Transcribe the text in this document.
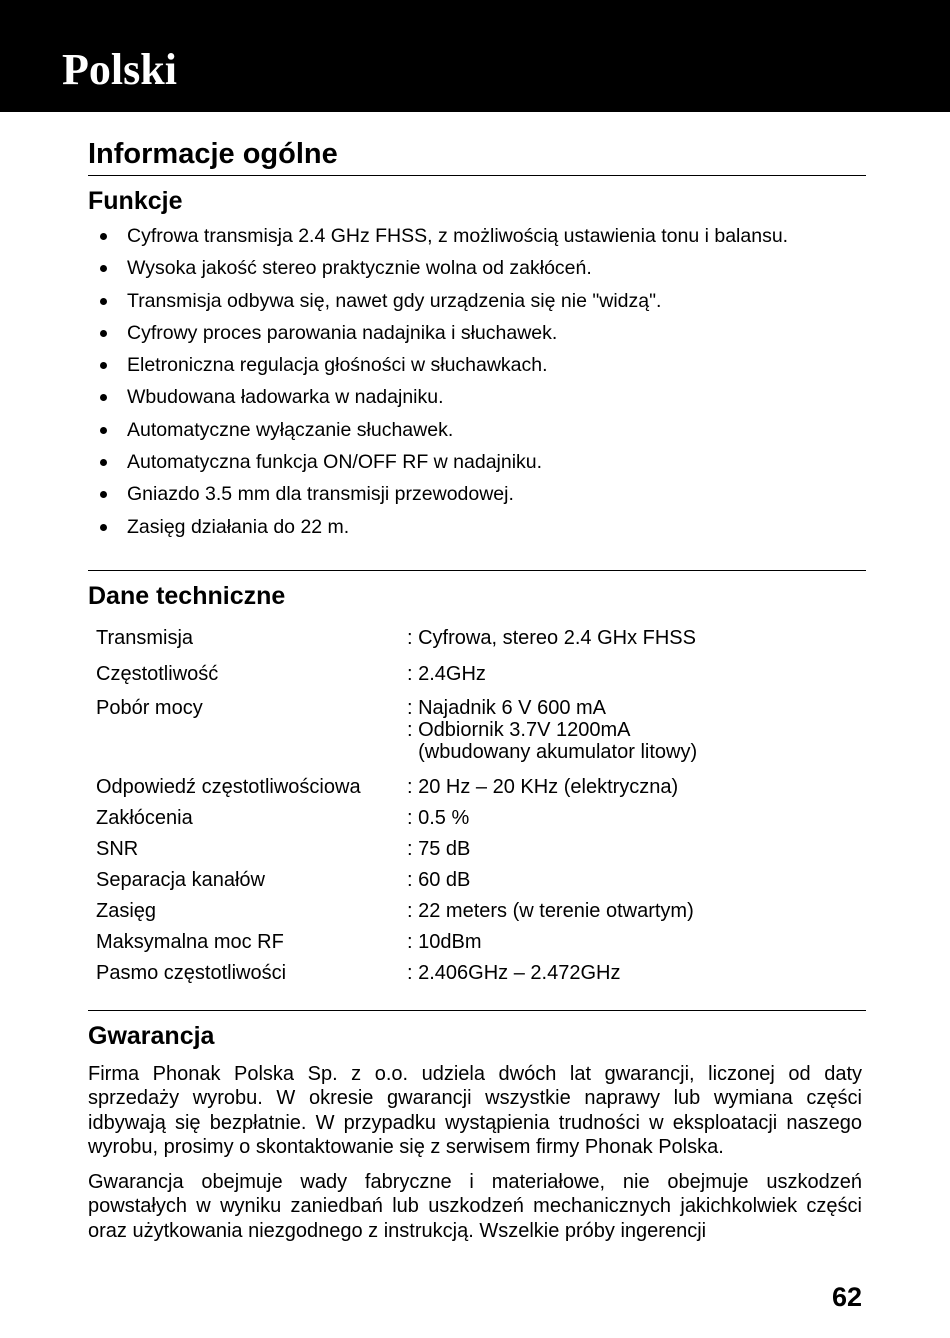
Polski
Informacje ogólne
Funkcje
Cyfrowa transmisja 2.4 GHz FHSS, z możliwością ustawienia tonu i balansu.
Wysoka jakość stereo praktycznie wolna od zakłóceń.
Transmisja odbywa się, nawet gdy urządzenia się nie "widzą".
Cyfrowy proces parowania nadajnika i słuchawek.
Eletroniczna regulacja głośności w słuchawkach.
Wbudowana ładowarka w nadajniku.
Automatyczne wyłączanie słuchawek.
Automatyczna funkcja ON/OFF RF w nadajniku.
Gniazdo 3.5 mm dla transmisji przewodowej.
Zasięg działania do 22 m.
Dane techniczne
Transmisja	: Cyfrowa, stereo 2.4 GHx FHSS
Częstotliwość	: 2.4GHz
Pobór mocy	: Najadnik 6 V 600 mA
: Odbiornik 3.7V 1200mA
(wbudowany akumulator litowy)
Odpowiedź częstotliwościowa : 20 Hz – 20 KHz (elektryczna)
Zakłócenia	: 0.5 %
SNR	: 75 dB
Separacja kanałów	: 60 dB
Zasięg	: 22 meters (w terenie otwartym)
Maksymalna moc RF	: 10dBm
Pasmo częstotliwości	: 2.406GHz – 2.472GHz
Gwarancja

Firma Phonak Polska Sp. z o.o. udziela dwóch lat gwarancji, liczonej od daty sprzedaży wyrobu. W okresie gwarancji wszystkie naprawy lub wymiana części idbywają się bezpłatnie. W przypadku wystąpienia trudności w eksploatacji naszego wyrobu, prosimy o skontaktowanie się z serwisem firmy Phonak Polska.

Gwarancja obejmuje wady fabryczne i materiałowe, nie obejmuje uszkodzeń powstałych w wyniku zaniedbań lub uszkodzeń mechanicznych jakichkolwiek części oraz użytkowania niezgodnego z instrukcją. Wszelkie próby ingerencji

62
